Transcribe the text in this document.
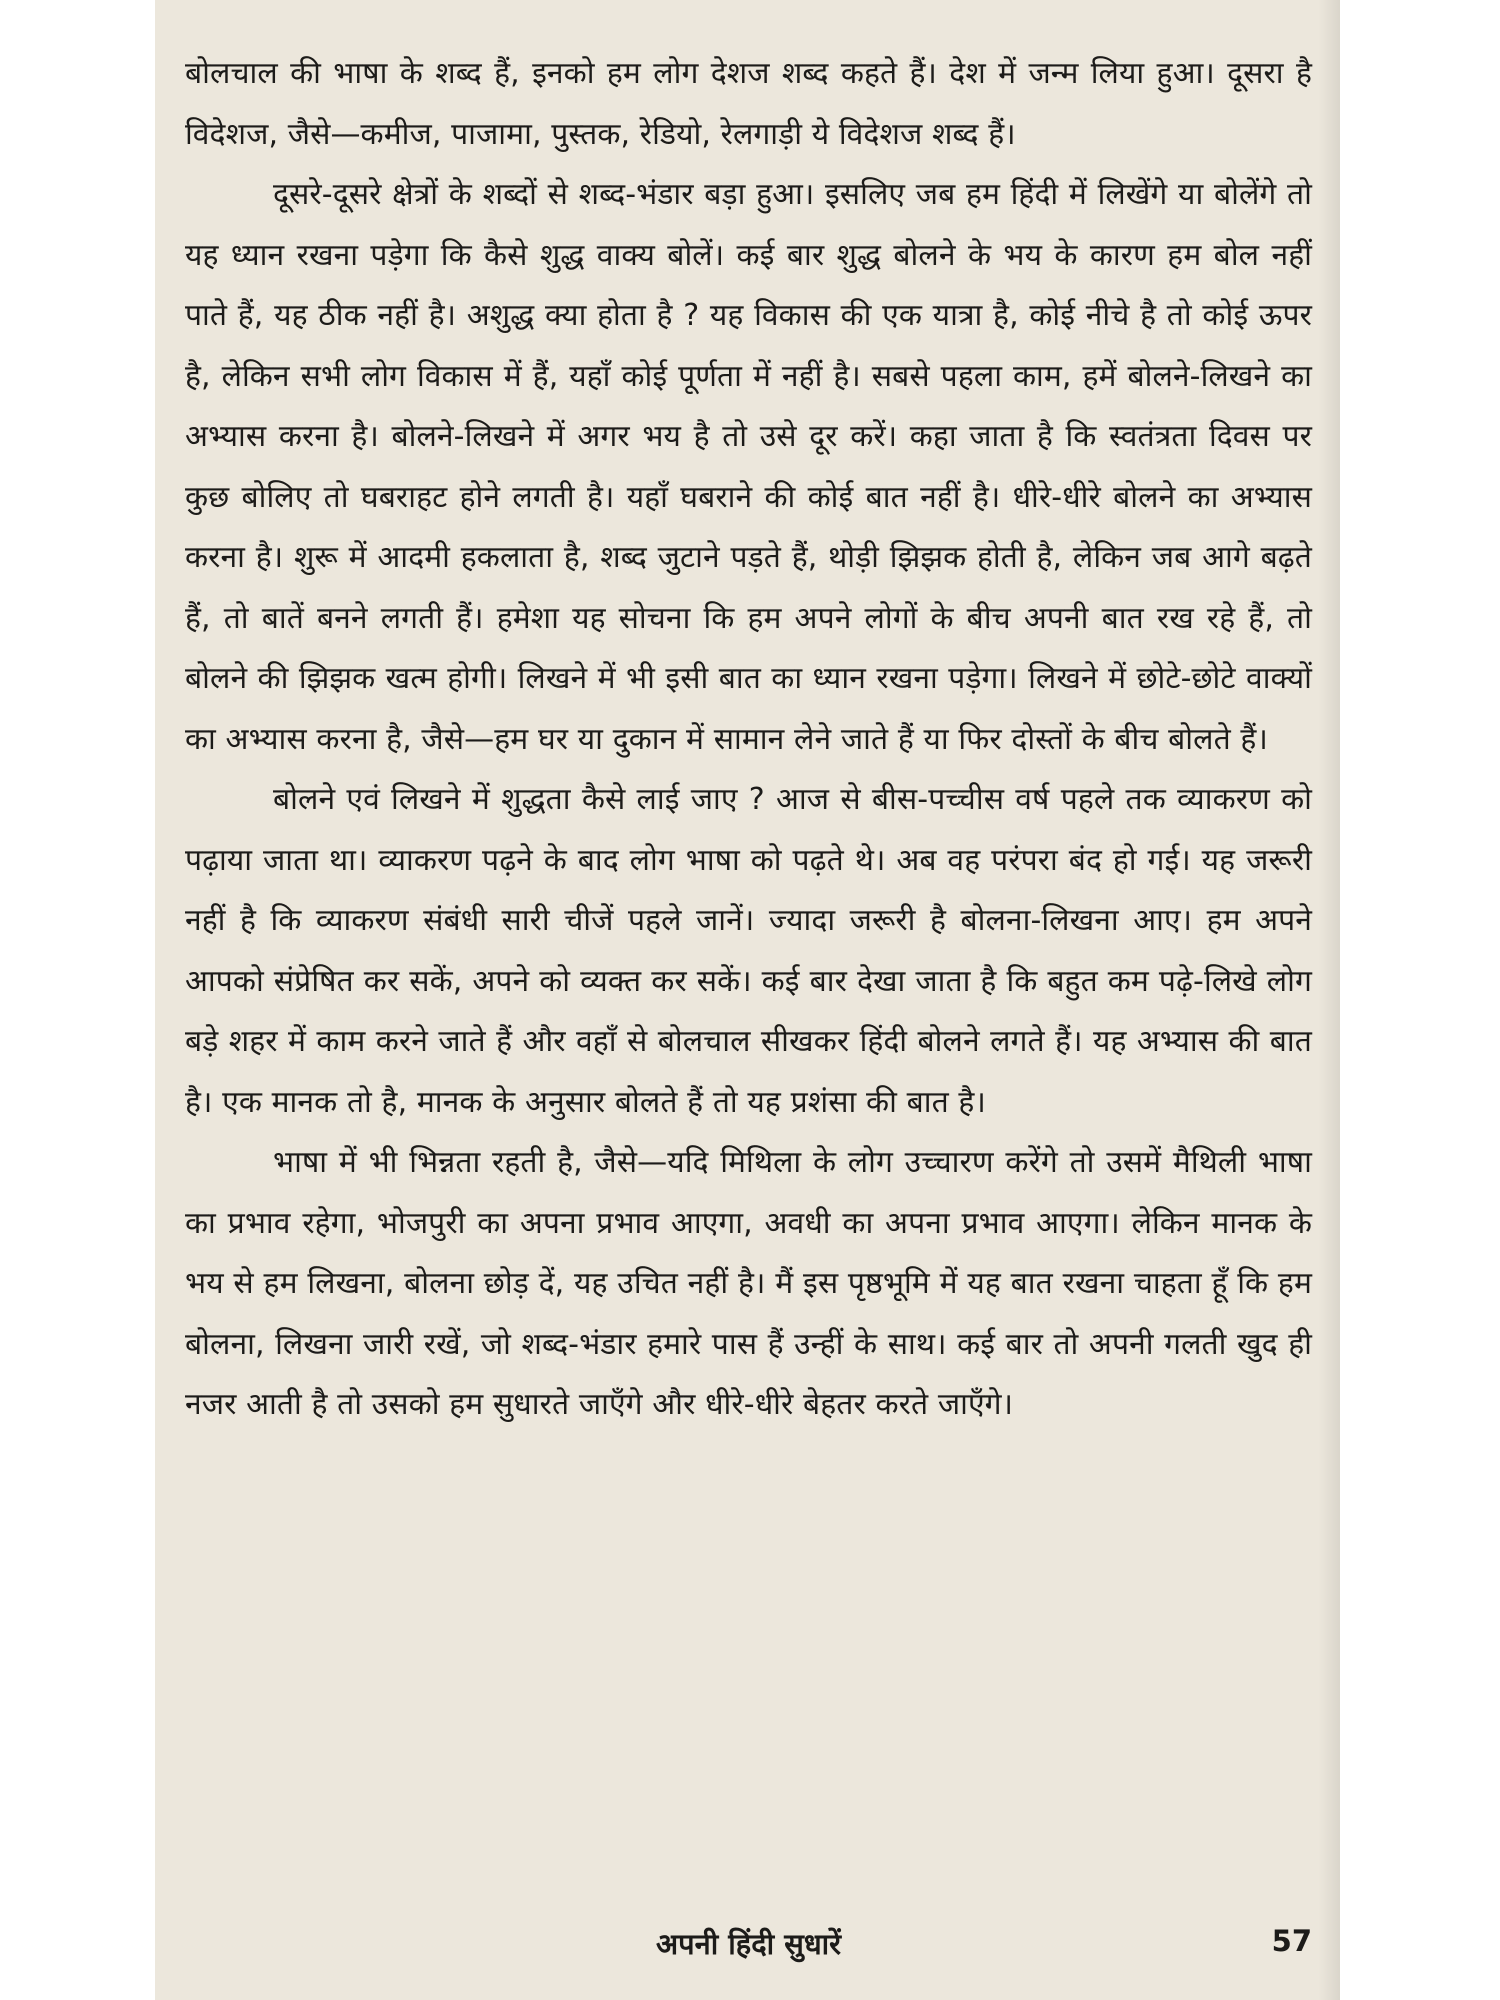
बोलचाल की भाषा के शब्द हैं, इनको हम लोग देशज शब्द कहते हैं। देश में जन्म लिया हुआ। दूसरा है विदेशज, जैसे—कमीज, पाजामा, पुस्तक, रेडियो, रेलगाड़ी ये विदेशज शब्द हैं।

दूसरे-दूसरे क्षेत्रों के शब्दों से शब्द-भंडार बड़ा हुआ। इसलिए जब हम हिंदी में लिखेंगे या बोलेंगे तो यह ध्यान रखना पड़ेगा कि कैसे शुद्ध वाक्य बोलें। कई बार शुद्ध बोलने के भय के कारण हम बोल नहीं पाते हैं, यह ठीक नहीं है। अशुद्ध क्या होता है ? यह विकास की एक यात्रा है, कोई नीचे है तो कोई ऊपर है, लेकिन सभी लोग विकास में हैं, यहाँ कोई पूर्णता में नहीं है। सबसे पहला काम, हमें बोलने-लिखने का अभ्यास करना है। बोलने-लिखने में अगर भय है तो उसे दूर करें। कहा जाता है कि स्वतंत्रता दिवस पर कुछ बोलिए तो घबराहट होने लगती है। यहाँ घबराने की कोई बात नहीं है। धीरे-धीरे बोलने का अभ्यास करना है। शुरू में आदमी हकलाता है, शब्द जुटाने पड़ते हैं, थोड़ी झिझक होती है, लेकिन जब आगे बढ़ते हैं, तो बातें बनने लगती हैं। हमेशा यह सोचना कि हम अपने लोगों के बीच अपनी बात रख रहे हैं, तो बोलने की झिझक खत्म होगी। लिखने में भी इसी बात का ध्यान रखना पड़ेगा। लिखने में छोटे-छोटे वाक्यों का अभ्यास करना है, जैसे—हम घर या दुकान में सामान लेने जाते हैं या फिर दोस्तों के बीच बोलते हैं।

बोलने एवं लिखने में शुद्धता कैसे लाई जाए ? आज से बीस-पच्चीस वर्ष पहले तक व्याकरण को पढ़ाया जाता था। व्याकरण पढ़ने के बाद लोग भाषा को पढ़ते थे। अब वह परंपरा बंद हो गई। यह जरूरी नहीं है कि व्याकरण संबंधी सारी चीजें पहले जानें। ज्यादा जरूरी है बोलना-लिखना आए। हम अपने आपको संप्रेषित कर सकें, अपने को व्यक्त कर सकें। कई बार देखा जाता है कि बहुत कम पढ़े-लिखे लोग बड़े शहर में काम करने जाते हैं और वहाँ से बोलचाल सीखकर हिंदी बोलने लगते हैं। यह अभ्यास की बात है। एक मानक तो है, मानक के अनुसार बोलते हैं तो यह प्रशंसा की बात है।

भाषा में भी भिन्नता रहती है, जैसे—यदि मिथिला के लोग उच्चारण करेंगे तो उसमें मैथिली भाषा का प्रभाव रहेगा, भोजपुरी का अपना प्रभाव आएगा, अवधी का अपना प्रभाव आएगा। लेकिन मानक के भय से हम लिखना, बोलना छोड़ दें, यह उचित नहीं है। मैं इस पृष्ठभूमि में यह बात रखना चाहता हूँ कि हम बोलना, लिखना जारी रखें, जो शब्द-भंडार हमारे पास हैं उन्हीं के साथ। कई बार तो अपनी गलती खुद ही नजर आती है तो उसको हम सुधारते जाएँगे और धीरे-धीरे बेहतर करते जाएँगे।

अपनी हिंदी सुधारें	57
